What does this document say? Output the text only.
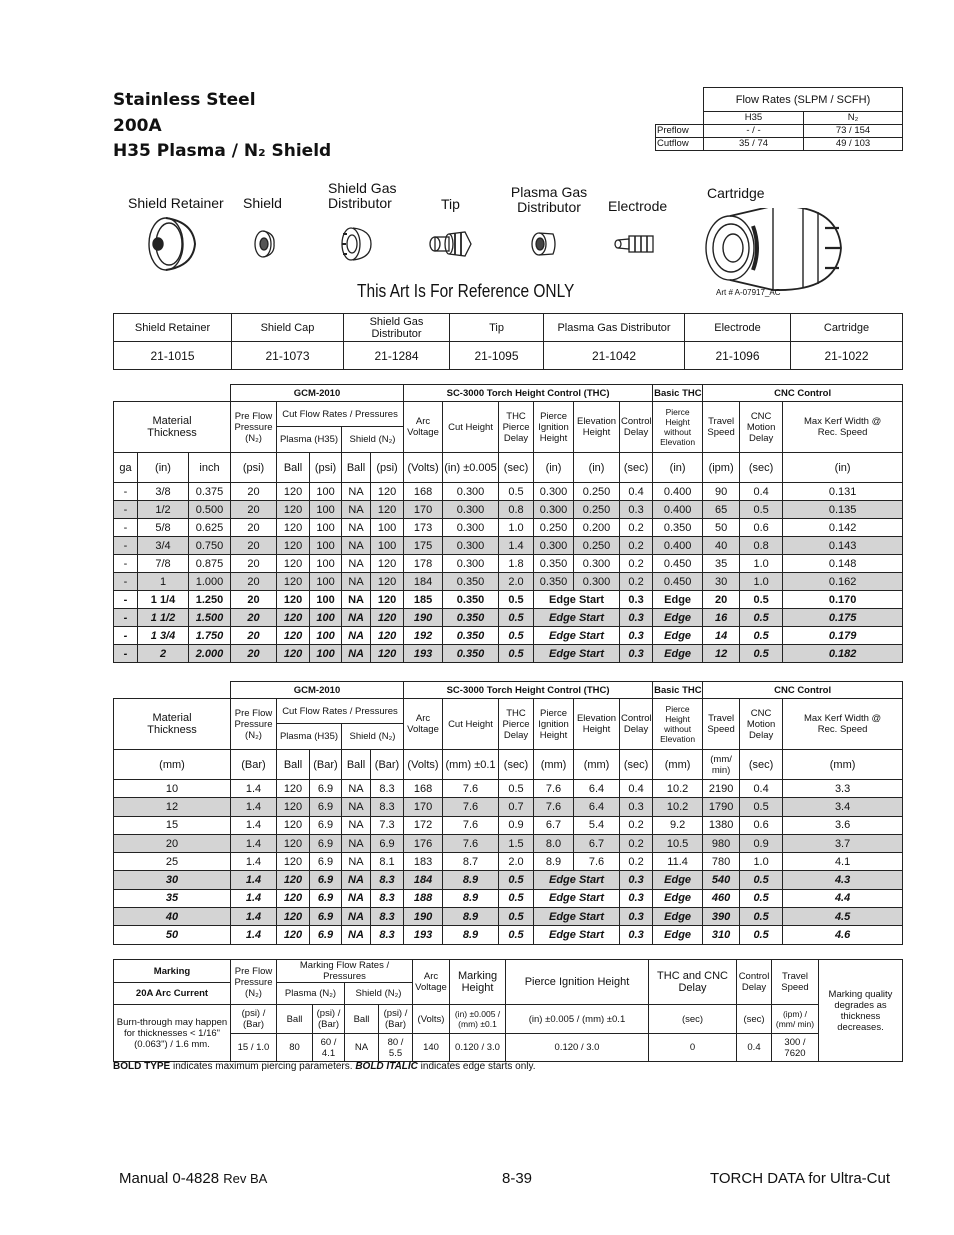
Stainless Steel
200A
H35 Plasma / N₂ Shield
	Flow Rates (SLPM / SCFH)	
	H35	N₂
Preflow	- / -	73 / 154
Cutflow	35 / 74	49 / 103
Shield Retainer Shield
Shield Gas Distributor	Tip
Plasma Gas Distributor	Electrode
Cartridge
This Art Is For Reference ONLY	Art # A-07917_AC
Shield Retainer	Shield Cap	Shield Gas Distributor	Tip	Plasma Gas Distributor	Electrode	Cartridge
21-1015	21-1073	21-1284	21-1095	21-1042	21-1096	21-1022
			GCM-2010					SC-3000 Torch Height Control (THC)						Basic THC	CNC Control		
Material Thickness			Pre Flow Pressure (N₂)	Cut Flow Rates / Pressures				Arc Voltage	Cut Height	THC Pierce Delay	Pierce Ignition Height	Elevation Height	Control Delay	Pierce Height without Elevation	Travel Speed	CNC Motion Delay	Max Kerf Width @ Rec. Speed
				Plasma (H35)		Shield (N₂)											
ga	(in)	inch	(psi)	Ball	(psi)	Ball	(psi)	(Volts)	(in) ±0.005	(sec)	(in)	(in)	(sec)	(in)	(ipm)	(sec)	(in)
-	3/8	0.375	20	120	100	NA	120	168	0.300	0.5	0.300	0.250	0.4	0.400	90	0.4	0.131
-	1/2	0.500	20	120	100	NA	120	170	0.300	0.8	0.300	0.250	0.3	0.400	65	0.5	0.135
-	5/8	0.625	20	120	100	NA	100	173	0.300	1.0	0.250	0.200	0.2	0.350	50	0.6	0.142
-	3/4	0.750	20	120	100	NA	100	175	0.300	1.4	0.300	0.250	0.2	0.400	40	0.8	0.143
-	7/8	0.875	20	120	100	NA	120	178	0.300	1.8	0.350	0.300	0.2	0.450	35	1.0	0.148
-	1	1.000	20	120	100	NA	120	184	0.350	2.0	0.350	0.300	0.2	0.450	30	1.0	0.162
-	1 1/4	1.250	20	120	100	NA	120	185	0.350	0.5	Edge Start		0.3	Edge	20	0.5	0.170
-	1 1/2	1.500	20	120	100	NA	120	190	0.350	0.5	Edge Start		0.3	Edge	16	0.5	0.175
-	1 3/4	1.750	20	120	100	NA	120	192	0.350	0.5	Edge Start		0.3	Edge	14	0.5	0.179
-	2	2.000	20	120	100	NA	120	193	0.350	0.5	Edge Start		0.3	Edge	12	0.5	0.182
	GCM-2010					SC-3000 Torch Height Control (THC)						Basic THC	CNC Control		
Material Thickness	Pre Flow Pressure (N₂)	Cut Flow Rates / Pressures				Arc Voltage	Cut Height	THC Pierce Delay	Pierce Ignition Height	Elevation Height	Control Delay	Pierce Height without Elevation	Travel Speed	CNC Motion Delay	Max Kerf Width @ Rec. Speed
		Plasma (H35)		Shield (N₂)											
(mm)	(Bar)	Ball	(Bar)	Ball	(Bar)	(Volts)	(mm) ±0.1	(sec)	(mm)	(mm)	(sec)	(mm)	(mm/ min)	(sec)	(mm)
10	1.4	120	6.9	NA	8.3	168	7.6	0.5	7.6	6.4	0.4	10.2	2190	0.4	3.3
12	1.4	120	6.9	NA	8.3	170	7.6	0.7	7.6	6.4	0.3	10.2	1790	0.5	3.4
15	1.4	120	6.9	NA	7.3	172	7.6	0.9	6.7	5.4	0.2	9.2	1380	0.6	3.6
20	1.4	120	6.9	NA	6.9	176	7.6	1.5	8.0	6.7	0.2	10.5	980	0.9	3.7
25	1.4	120	6.9	NA	8.1	183	8.7	2.0	8.9	7.6	0.2	11.4	780	1.0	4.1
30	1.4	120	6.9	NA	8.3	184	8.9	0.5	Edge Start		0.3	Edge	540	0.5	4.3
35	1.4	120	6.9	NA	8.3	188	8.9	0.5	Edge Start		0.3	Edge	460	0.5	4.4
40	1.4	120	6.9	NA	8.3	190	8.9	0.5	Edge Start		0.3	Edge	390	0.5	4.5
50	1.4	120	6.9	NA	8.3	193	8.9	0.5	Edge Start		0.3	Edge	310	0.5	4.6
Marking	Pre Flow Pressure (N₂)	Marking Flow Rates / Pressures				Arc Voltage	Marking Height	Pierce Ignition Height	THC and CNC Delay	Control Delay	Travel Speed	Marking quality degrades as thickness decreases.
20A Arc Current		Plasma (N₂)		Shield (N₂)								
Burn-through may happen for thicknesses < 1/16" (0.063") / 1.6 mm.	(psi) / (Bar)	Ball	(psi) / (Bar)	Ball	(psi) / (Bar)	(Volts)	(in) ±0.005 / (mm) ±0.1	(in) ±0.005 / (mm) ±0.1	(sec)	(sec)	(ipm) / (mm/ min)	
	15 / 1.0	80	60 / 4.1	NA	80 / 5.5	140	0.120 / 3.0	0.120 / 3.0	0	0.4	300 / 7620	
BOLD TYPE indicates maximum piercing parameters. BOLD ITALIC indicates edge starts only.
Manual 0-4828 Rev BA	8-39	TORCH DATA for Ultra-Cut
